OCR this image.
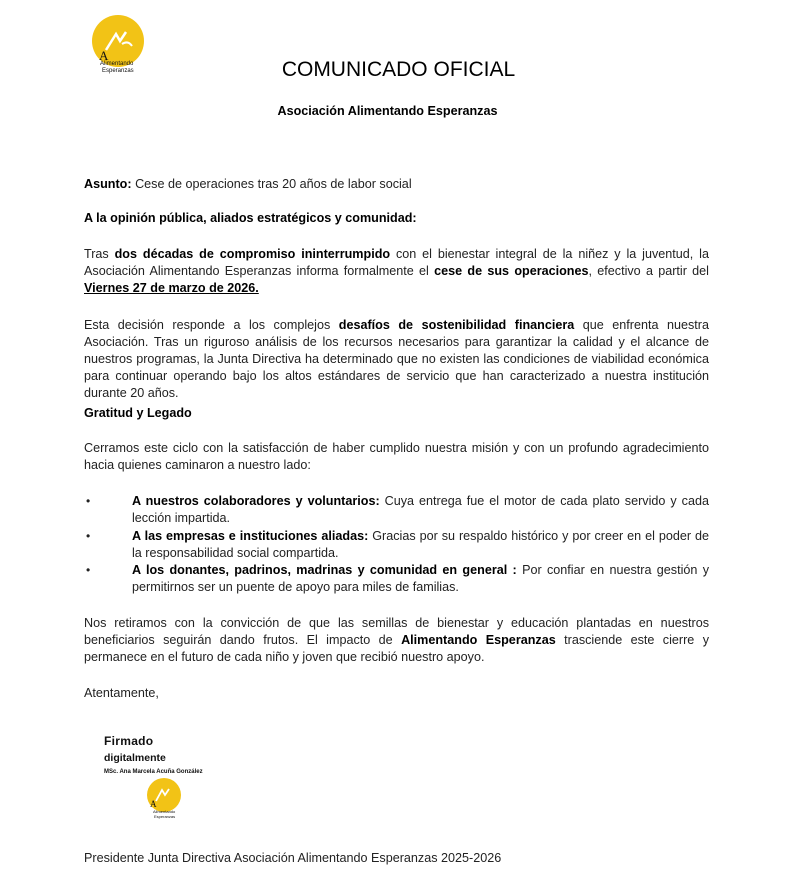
A
Alimentando
Esperanzas	COMUNICADO OFICIAL
Asociación Alimentando Esperanzas

Asunto: Cese de operaciones tras 20 años de labor social

A la opinión pública, aliados estratégicos y comunidad:

Tras dos décadas de compromiso ininterrumpido con el bienestar integral de la niñez y la juventud, la Asociación Alimentando Esperanzas informa formalmente el cese de sus operaciones, efectivo a partir del Viernes 27 de marzo de 2026.

Esta decisión responde a los complejos desafíos de sostenibilidad financiera que enfrenta nuestra Asociación. Tras un riguroso análisis de los recursos necesarios para garantizar la calidad y el alcance de nuestros programas, la Junta Directiva ha determinado que no existen las condiciones de viabilidad económica para continuar operando bajo los altos estándares de servicio que han caracterizado a nuestra institución durante 20 años.

Gratitud y Legado

Cerramos este ciclo con la satisfacción de haber cumplido nuestra misión y con un profundo agradecimiento hacia quienes caminaron a nuestro lado:

•	A nuestros colaboradores y voluntarios: Cuya entrega fue el motor de cada plato servido y cada lección impartida.
•	A las empresas e instituciones aliadas: Gracias por su respaldo histórico y por creer en el poder de la responsabilidad social compartida.
•	A los donantes, padrinos, madrinas y comunidad en general : Por confiar en nuestra gestión y permitirnos ser un puente de apoyo para miles de familias.

Nos retiramos con la convicción de que las semillas de bienestar y educación plantadas en nuestros beneficiarios seguirán dando frutos. El impacto de Alimentando Esperanzas trasciende este cierre y permanece en el futuro de cada niño y joven que recibió nuestro apoyo.

Atentamente,

Firmado
digitalmente
MSc. Ana Marcela Acuña González
A
Alimentando
Esperanzas
Presidente Junta Directiva Asociación Alimentando Esperanzas 2025-2026
